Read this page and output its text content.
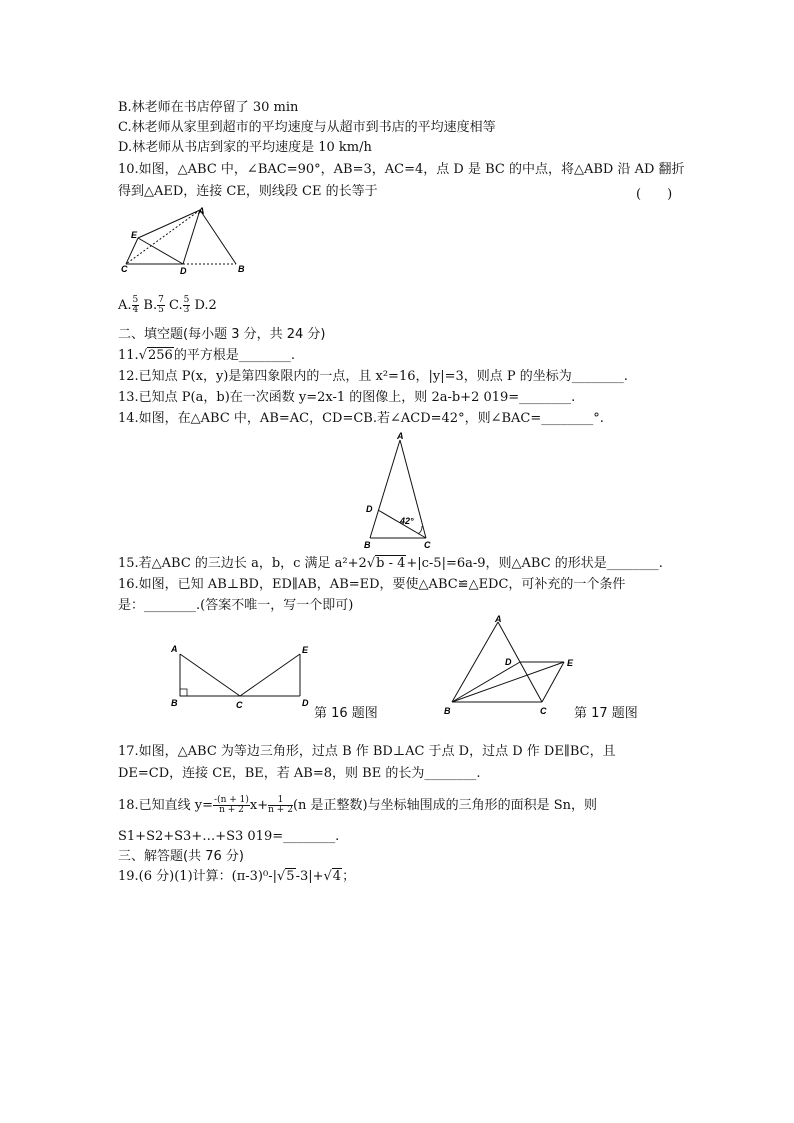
B.林老师在书店停留了 30 min
C.林老师从家里到超市的平均速度与从超市到书店的平均速度相等
D.林老师从书店到家的平均速度是 10 km/h
10.如图，△ABC 中，∠BAC=90°，AB=3，AC=4，点 D 是 BC 的中点，将△ABD 沿 AD 翻折
得到△AED，连接 CE，则线段 CE 的长等于	(　　)
A
E
C	D	B
A. $\frac{5}{4} B$. $\frac{7}{5} C$. $\frac{5}{3} D.2$
二、填空题(每小题 3 分，共 24 分)
11.√256的平方根是________.
12.已知点 P(x，y)是第四象限内的一点，且 x²=16，|y|=3，则点 P 的坐标为________.
13.已知点 P(a，b)在一次函数 y=2x-1 的图像上，则 2a-b+2 019=________.
14.如图，在△ABC 中，AB=AC，CD=CB.若∠ACD=42°，则∠BAC=________°.
A
D
42°
B	C
15.若△ABC 的三边长 a，b，c 满足 a²+2√b - 4+|c-5|=6a-9，则△ABC 的形状是________.
16.如图，已知 AB⊥BD，ED∥AB，AB=ED，要使△ABC≌△EDC，可补充的一个条件
是：________.(答案不唯一，写一个即可)
A
B	C	D
E
第 16 题图
A
D	E
B	C 第 17 题图
17.如图，△ABC 为等边三角形，过点 B 作 BD⊥AC 于点 D，过点 D 作 DE∥BC，且
DE=CD，连接 CE，BE，若 AB=8，则 BE 的长为________.
18.已知直线 $y= \frac{-(n + 1)}{n + 2} x+ \frac{1}{n + 2} (n$ 是正整数)与坐标轴围成的三角形的面积是 Sn，则
S1+S2+S3+…+S3 019=________.
三、解答题(共 76 分)
19.(6 分)(1)计算：(π-3)⁰-|√5-3|+√4；
